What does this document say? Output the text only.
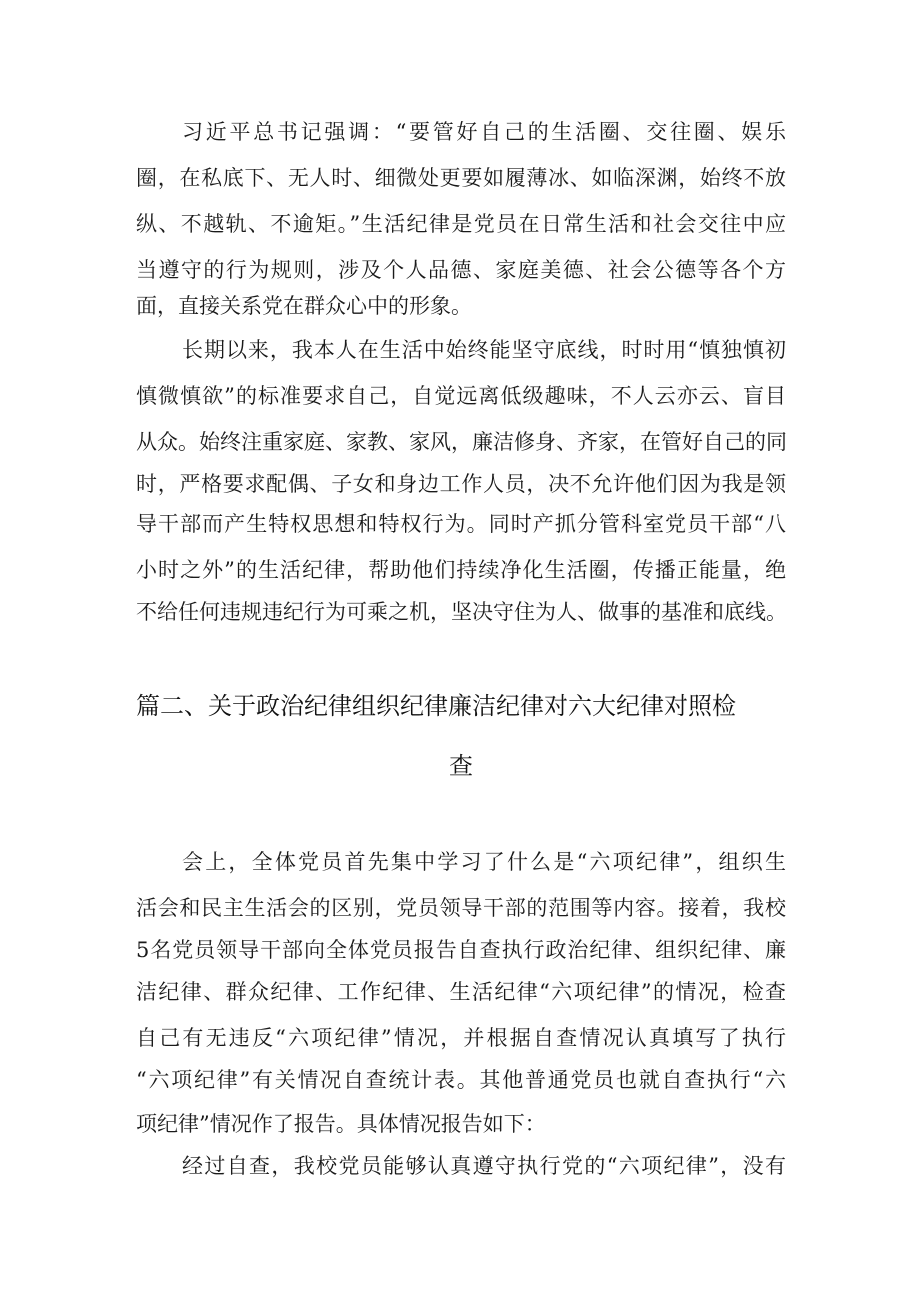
习近平总书记强调：“要管好自己的生活圈、交往圈、娱乐
圈，在私底下、无人时、细微处更要如履薄冰、如临深渊，始终不放
纵、不越轨、不逾矩。”生活纪律是党员在日常生活和社会交往中应
当遵守的行为规则，涉及个人品德、家庭美德、社会公德等各个方
面，直接关系党在群众心中的形象。
长期以来，我本人在生活中始终能坚守底线，时时用“慎独慎初
慎微慎欲”的标准要求自己，自觉远离低级趣味，不人云亦云、盲目
从众。始终注重家庭、家教、家风，廉洁修身、齐家，在管好自己的同
时，严格要求配偶、子女和身边工作人员，决不允许他们因为我是领
导干部而产生特权思想和特权行为。同时产抓分管科室党员干部“八
小时之外”的生活纪律，帮助他们持续净化生活圈，传播正能量，绝
不给任何违规违纪行为可乘之机，坚决守住为人、做事的基准和底线。
篇二、关于政治纪律组织纪律廉洁纪律对六大纪律对照检
查
会上，全体党员首先集中学习了什么是“六项纪律”，组织生
活会和民主生活会的区别，党员领导干部的范围等内容。接着，我校
5名党员领导干部向全体党员报告自查执行政治纪律、组织纪律、廉
洁纪律、群众纪律、工作纪律、生活纪律“六项纪律”的情况，检查
自己有无违反“六项纪律”情况，并根据自查情况认真填写了执行
“六项纪律”有关情况自查统计表。其他普通党员也就自查执行“六
项纪律”情况作了报告。具体情况报告如下：
经过自查，我校党员能够认真遵守执行党的“六项纪律”，没有
